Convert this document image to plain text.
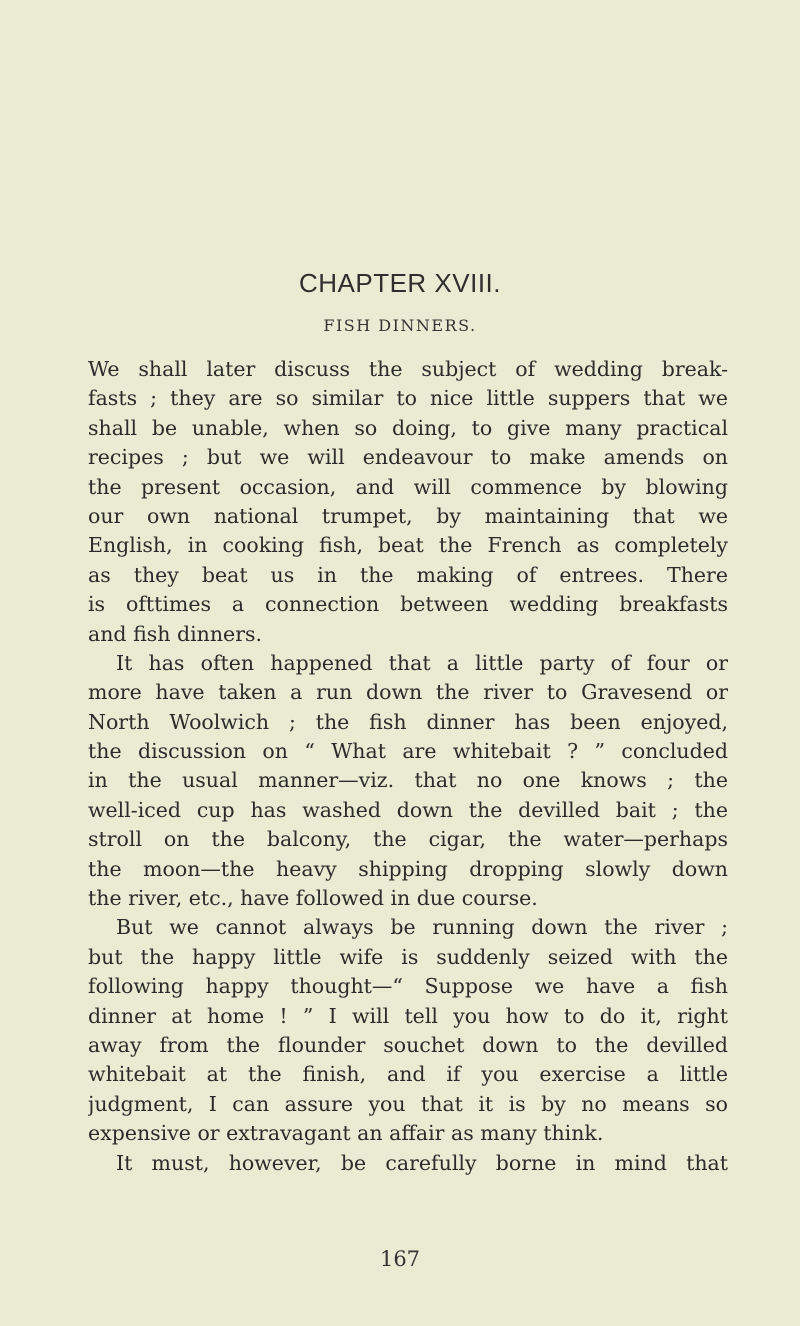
CHAPTER XVIII.
FISH DINNERS.
We shall later discuss the subject of wedding break-
fasts ; they are so similar to nice little suppers that we
shall be unable, when so doing, to give many practical
recipes ; but we will endeavour to make amends on
the present occasion, and will commence by blowing
our own national trumpet, by maintaining that we
English, in cooking fish, beat the French as completely
as they beat us in the making of entrees. There
is ofttimes a connection between wedding breakfasts
and fish dinners.
It has often happened that a little party of four or
more have taken a run down the river to Gravesend or
North Woolwich ; the fish dinner has been enjoyed,
the discussion on “ What are whitebait ? ” concluded
in the usual manner—viz. that no one knows ; the
well-iced cup has washed down the devilled bait ; the
stroll on the balcony, the cigar, the water—perhaps
the moon—the heavy shipping dropping slowly down
the river, etc., have followed in due course.
But we cannot always be running down the river ;
but the happy little wife is suddenly seized with the
following happy thought—“ Suppose we have a fish
dinner at home ! ” I will tell you how to do it, right
away from the flounder souchet down to the devilled
whitebait at the finish, and if you exercise a little
judgment, I can assure you that it is by no means so
expensive or extravagant an affair as many think.
It must, however, be carefully borne in mind that
167
